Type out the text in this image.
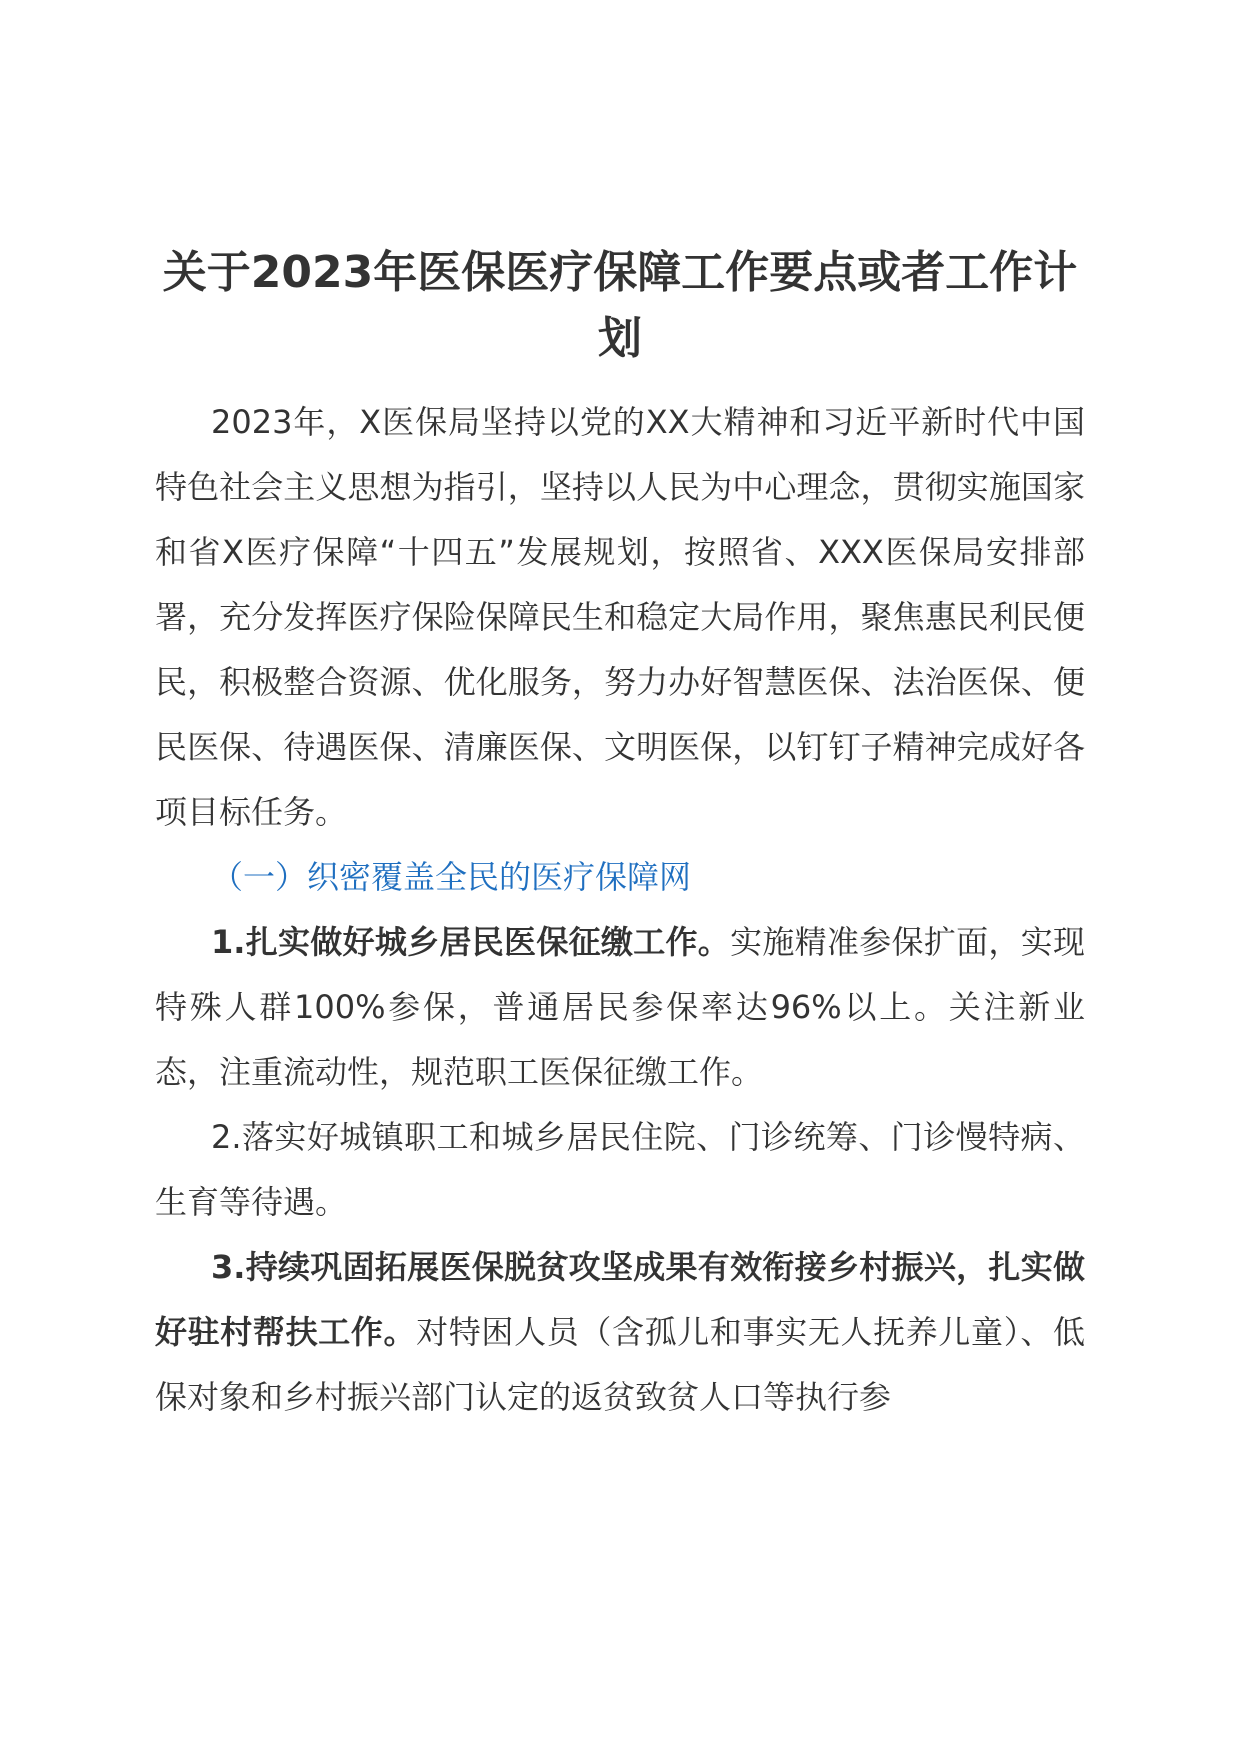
关于2023年医保医疗保障工作要点或者工作计划

2023年，X医保局坚持以党的XX大精神和习近平新时代中国特色社会主义思想为指引，坚持以人民为中心理念，贯彻实施国家和省X医疗保障“十四五”发展规划，按照省、XXX医保局安排部署，充分发挥医疗保险保障民生和稳定大局作用，聚焦惠民利民便民，积极整合资源、优化服务，努力办好智慧医保、法治医保、便民医保、待遇医保、清廉医保、文明医保，以钉钉子精神完成好各项目标任务。

（一）织密覆盖全民的医疗保障网

1.扎实做好城乡居民医保征缴工作。实施精准参保扩面，实现特殊人群100%参保，普通居民参保率达96%以上。关注新业态，注重流动性，规范职工医保征缴工作。

2.落实好城镇职工和城乡居民住院、门诊统筹、门诊慢特病、生育等待遇。

3.持续巩固拓展医保脱贫攻坚成果有效衔接乡村振兴，扎实做好驻村帮扶工作。对特困人员（含孤儿和事实无人抚养儿童）、低保对象和乡村振兴部门认定的返贫致贫人口等执行参
